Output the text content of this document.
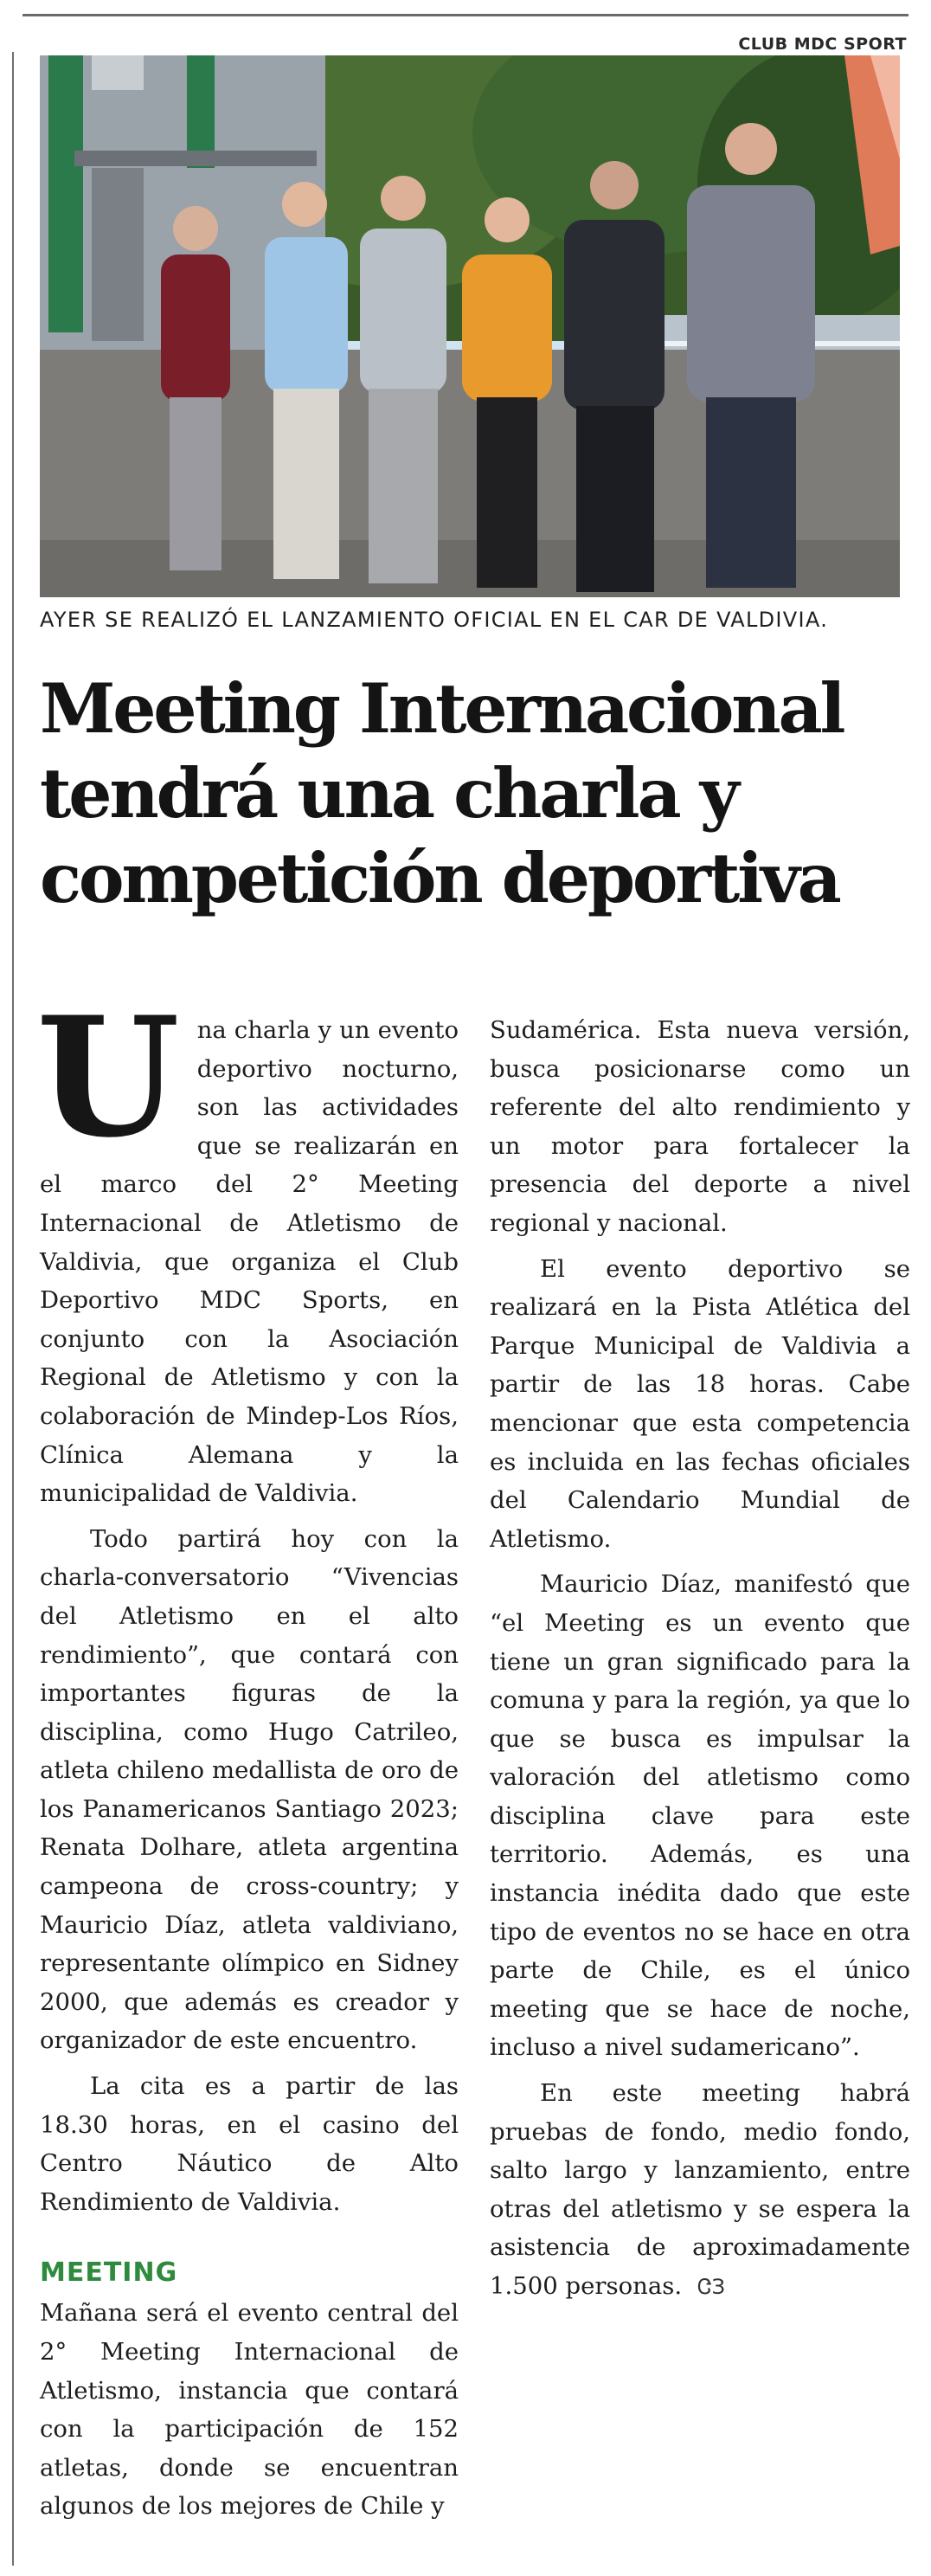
CLUB MDC SPORT
AYER SE REALIZÓ EL LANZAMIENTO OFICIAL EN EL CAR DE VALDIVIA.
Meeting Internacional
tendrá una charla y
competición deportiva

Una charla y un evento deportivo nocturno, son las actividades que se realizarán en el marco del 2° Meeting Internacional de Atletismo de Valdivia, que organiza el Club Deportivo MDC Sports, en conjunto con la Asociación Regional de Atletismo y con la colaboración de Mindep-Los Ríos, Clínica Alemana y la municipalidad de Valdivia.

Todo partirá hoy con la charla-conversatorio “Vivencias del Atletismo en el alto rendimiento”, que contará con importantes figuras de la disciplina, como Hugo Catrileo, atleta chileno medallista de oro de los Panamericanos Santiago 2023; Renata Dolhare, atleta argentina campeona de cross-country; y Mauricio Díaz, atleta valdiviano, representante olímpico en Sidney 2000, que además es creador y organizador de este encuentro.

La cita es a partir de las 18.30 horas, en el casino del Centro Náutico de Alto Rendimiento de Valdivia.

MEETING

Mañana será el evento central del 2° Meeting Internacional de Atletismo, instancia que contará con la participación de 152 atletas, donde se encuentran algunos de los mejores de Chile y

Sudamérica. Esta nueva versión, busca posicionarse como un referente del alto rendimiento y un motor para fortalecer la presencia del deporte a nivel regional y nacional.

El evento deportivo se realizará en la Pista Atlética del Parque Municipal de Valdivia a partir de las 18 horas. Cabe mencionar que esta competencia es incluida en las fechas oficiales del Calendario Mundial de Atletismo.

Mauricio Díaz, manifestó que “el Meeting es un evento que tiene un gran significado para la comuna y para la región, ya que lo que se busca es impulsar la valoración del atletismo como disciplina clave para este territorio. Además, es una instancia inédita dado que este tipo de eventos no se hace en otra parte de Chile, es el único meeting que se hace de noche, incluso a nivel sudamericano”.

En este meeting habrá pruebas de fondo, medio fondo, salto largo y lanzamiento, entre otras del atletismo y se espera la asistencia de aproximadamente 1.500 personas. ᏣЗ
